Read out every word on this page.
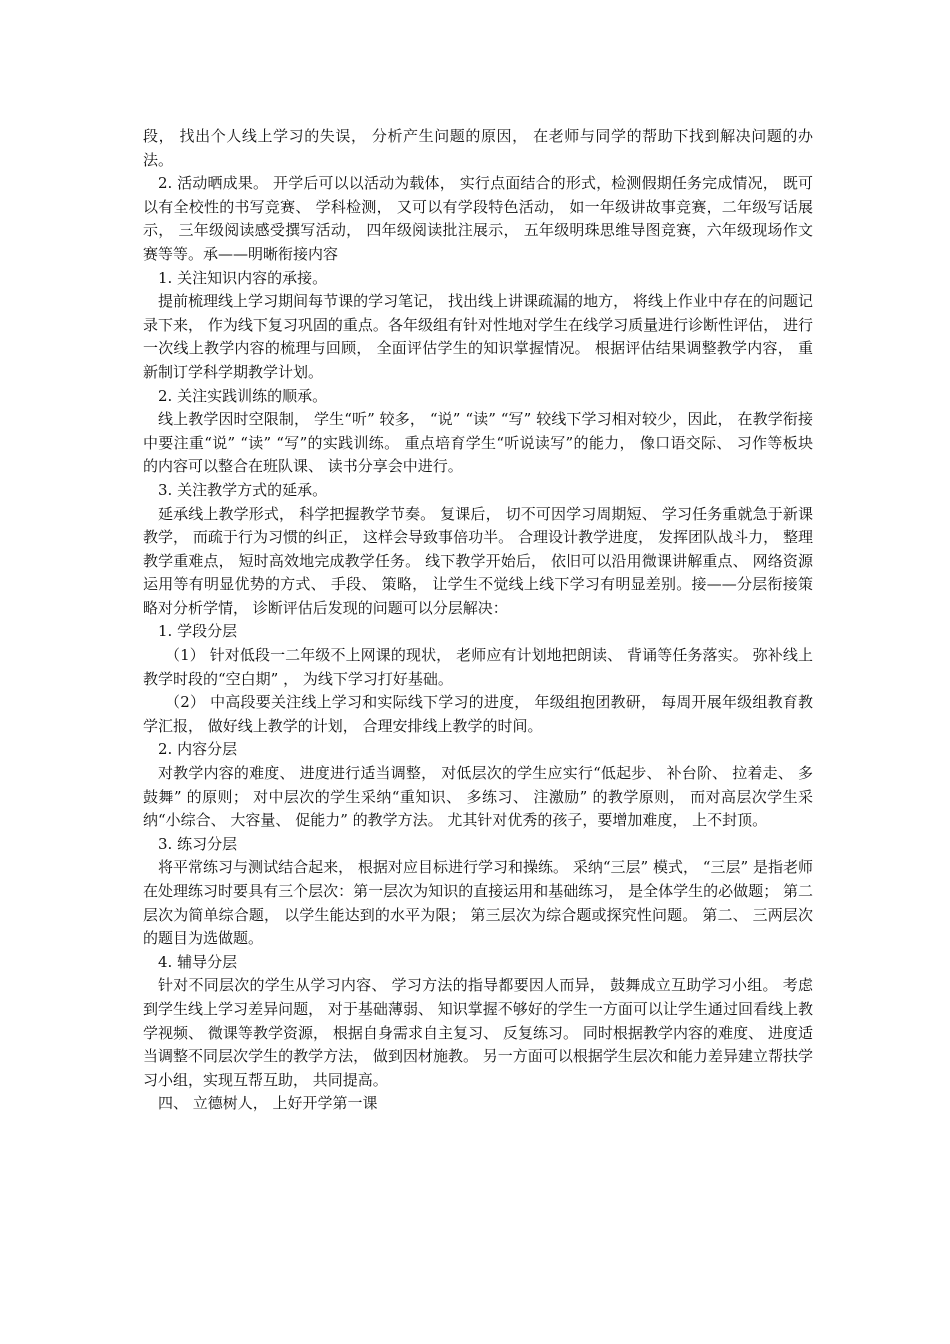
段， 找出个人线上学习的失误， 分析产生问题的原因， 在老师与同学的帮助下找到解决问题的办法。

2. 活动晒成果。 开学后可以以活动为载体， 实行点面结合的形式，检测假期任务完成情况， 既可以有全校性的书写竞赛、 学科检测， 又可以有学段特色活动， 如一年级讲故事竞赛，二年级写话展示， 三年级阅读感受撰写活动， 四年级阅读批注展示， 五年级明珠思维导图竞赛，六年级现场作文赛等等。承——明晰衔接内容

1. 关注知识内容的承接。

提前梳理线上学习期间每节课的学习笔记， 找出线上讲课疏漏的地方， 将线上作业中存在的问题记录下来， 作为线下复习巩固的重点。各年级组有针对性地对学生在线学习质量进行诊断性评估， 进行一次线上教学内容的梳理与回顾， 全面评估学生的知识掌握情况。 根据评估结果调整教学内容， 重新制订学科学期教学计划。

2. 关注实践训练的顺承。

线上教学因时空限制， 学生“听” 较多， “说” “读” “写” 较线下学习相对较少，因此， 在教学衔接中要注重“说” “读” “写”的实践训练。 重点培育学生“听说读写”的能力， 像口语交际、 习作等板块的内容可以整合在班队课、 读书分享会中进行。

3. 关注教学方式的延承。

延承线上教学形式， 科学把握教学节奏。 复课后， 切不可因学习周期短、 学习任务重就急于新课教学， 而疏于行为习惯的纠正， 这样会导致事倍功半。 合理设计教学进度， 发挥团队战斗力， 整理教学重难点， 短时高效地完成教学任务。 线下教学开始后， 依旧可以沿用微课讲解重点、 网络资源运用等有明显优势的方式、 手段、 策略， 让学生不觉线上线下学习有明显差别。接——分层衔接策略对分析学情， 诊断评估后发现的问题可以分层解决：

1. 学段分层

（1） 针对低段一二年级不上网课的现状， 老师应有计划地把朗读、 背诵等任务落实。 弥补线上教学时段的“空白期” ， 为线下学习打好基础。

（2） 中高段要关注线上学习和实际线下学习的进度， 年级组抱团教研， 每周开展年级组教育教学汇报， 做好线上教学的计划， 合理安排线上教学的时间。

2. 内容分层

对教学内容的难度、 进度进行适当调整， 对低层次的学生应实行“低起步、 补台阶、 拉着走、 多鼓舞” 的原则； 对中层次的学生采纳“重知识、 多练习、 注激励” 的教学原则， 而对高层次学生采纳“小综合、 大容量、 促能力” 的教学方法。 尤其针对优秀的孩子，要增加难度， 上不封顶。

3. 练习分层

将平常练习与测试结合起来， 根据对应目标进行学习和操练。 采纳“三层” 模式， “三层” 是指老师在处理练习时要具有三个层次：第一层次为知识的直接运用和基础练习， 是全体学生的必做题； 第二层次为简单综合题， 以学生能达到的水平为限； 第三层次为综合题或探究性问题。 第二、 三两层次的题目为选做题。

4. 辅导分层

针对不同层次的学生从学习内容、 学习方法的指导都要因人而异， 鼓舞成立互助学习小组。 考虑到学生线上学习差异问题， 对于基础薄弱、 知识掌握不够好的学生一方面可以让学生通过回看线上教学视频、 微课等教学资源， 根据自身需求自主复习、 反复练习。 同时根据教学内容的难度、 进度适当调整不同层次学生的教学方法， 做到因材施教。 另一方面可以根据学生层次和能力差异建立帮扶学习小组，实现互帮互助， 共同提高。

四、 立德树人， 上好开学第一课
